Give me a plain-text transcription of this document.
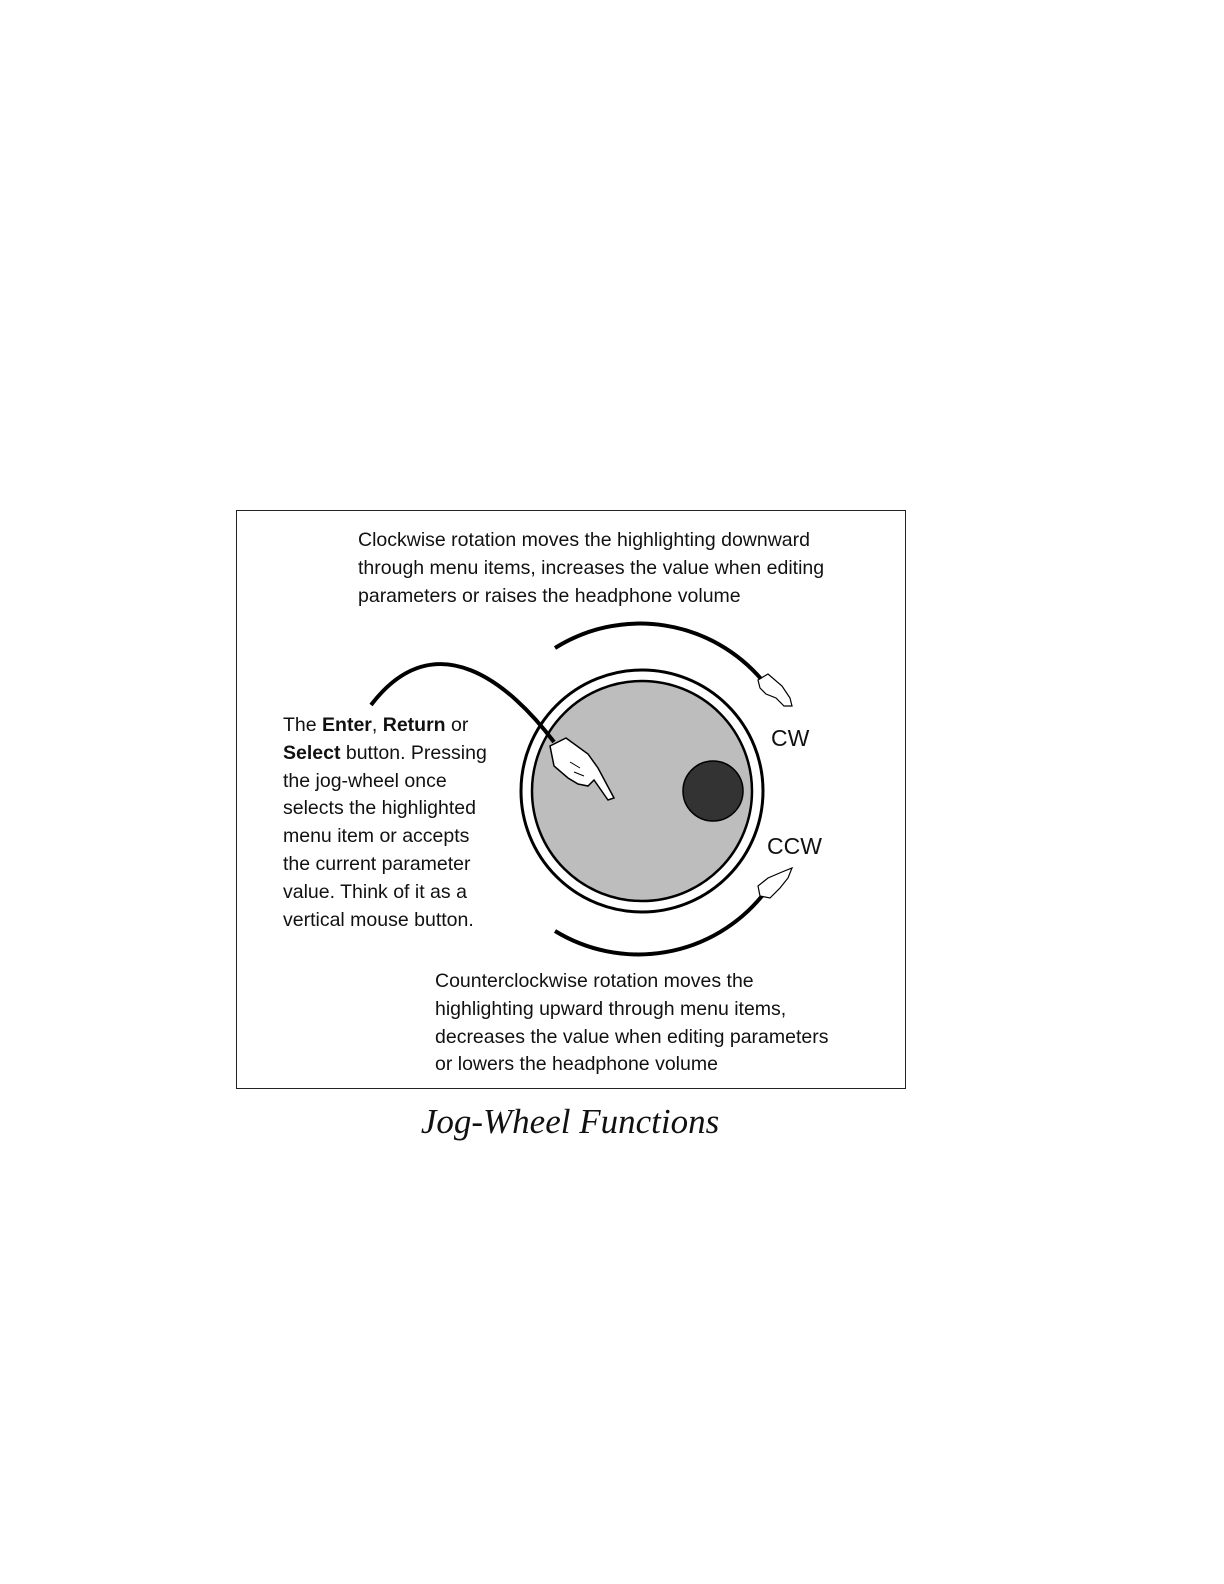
Clockwise rotation moves the highlighting downward
through menu items, increases the value when editing
parameters or raises the headphone volume
The Enter, Return or
Select button. Pressing
the jog-wheel once
selects the highlighted
menu item or accepts
the current parameter
value. Think of it as a
vertical mouse button.
CW
CCW
Counterclockwise rotation moves the
highlighting upward through menu items,
decreases the value when editing parameters
or lowers the headphone volume
Jog-Wheel Functions
